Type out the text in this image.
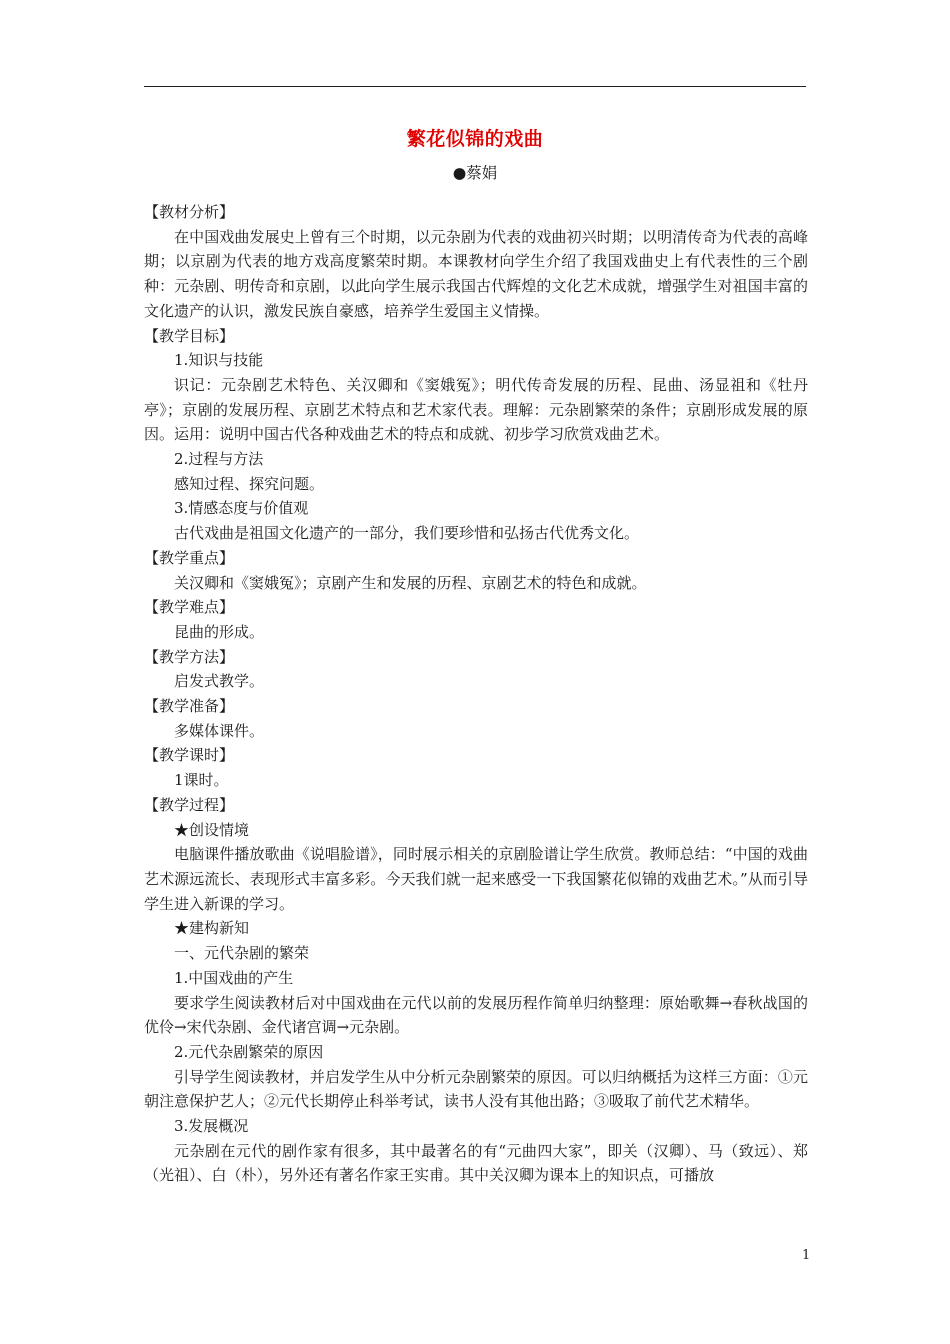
繁花似锦的戏曲
●蔡娟

【教材分析】

在中国戏曲发展史上曾有三个时期，以元杂剧为代表的戏曲初兴时期；以明清传奇为代表的高峰期；以京剧为代表的地方戏高度繁荣时期。本课教材向学生介绍了我国戏曲史上有代表性的三个剧种：元杂剧、明传奇和京剧，以此向学生展示我国古代辉煌的文化艺术成就，增强学生对祖国丰富的文化遗产的认识，激发民族自豪感，培养学生爱国主义情操。

【教学目标】

1.知识与技能

识记：元杂剧艺术特色、关汉卿和《窦娥冤》；明代传奇发展的历程、昆曲、汤显祖和《牡丹亭》；京剧的发展历程、京剧艺术特点和艺术家代表。理解：元杂剧繁荣的条件；京剧形成发展的原因。运用：说明中国古代各种戏曲艺术的特点和成就、初步学习欣赏戏曲艺术。

2.过程与方法

感知过程、探究问题。

3.情感态度与价值观

古代戏曲是祖国文化遗产的一部分，我们要珍惜和弘扬古代优秀文化。

【教学重点】

关汉卿和《窦娥冤》；京剧产生和发展的历程、京剧艺术的特色和成就。

【教学难点】

昆曲的形成。

【教学方法】

启发式教学。

【教学准备】

多媒体课件。

【教学课时】

1课时。

【教学过程】

★创设情境

电脑课件播放歌曲《说唱脸谱》，同时展示相关的京剧脸谱让学生欣赏。教师总结：“中国的戏曲艺术源远流长、表现形式丰富多彩。今天我们就一起来感受一下我国繁花似锦的戏曲艺术。”从而引导学生进入新课的学习。

★建构新知

一、元代杂剧的繁荣

1.中国戏曲的产生

要求学生阅读教材后对中国戏曲在元代以前的发展历程作简单归纳整理：原始歌舞→春秋战国的优伶→宋代杂剧、金代诸宫调→元杂剧。

2.元代杂剧繁荣的原因

引导学生阅读教材，并启发学生从中分析元杂剧繁荣的原因。可以归纳概括为这样三方面：①元朝注意保护艺人；②元代长期停止科举考试，读书人没有其他出路；③吸取了前代艺术精华。

3.发展概况

元杂剧在元代的剧作家有很多，其中最著名的有“元曲四大家”，即关（汉卿）、马（致远）、郑（光祖）、白（朴），另外还有著名作家王实甫。其中关汉卿为课本上的知识点，可播放

1
